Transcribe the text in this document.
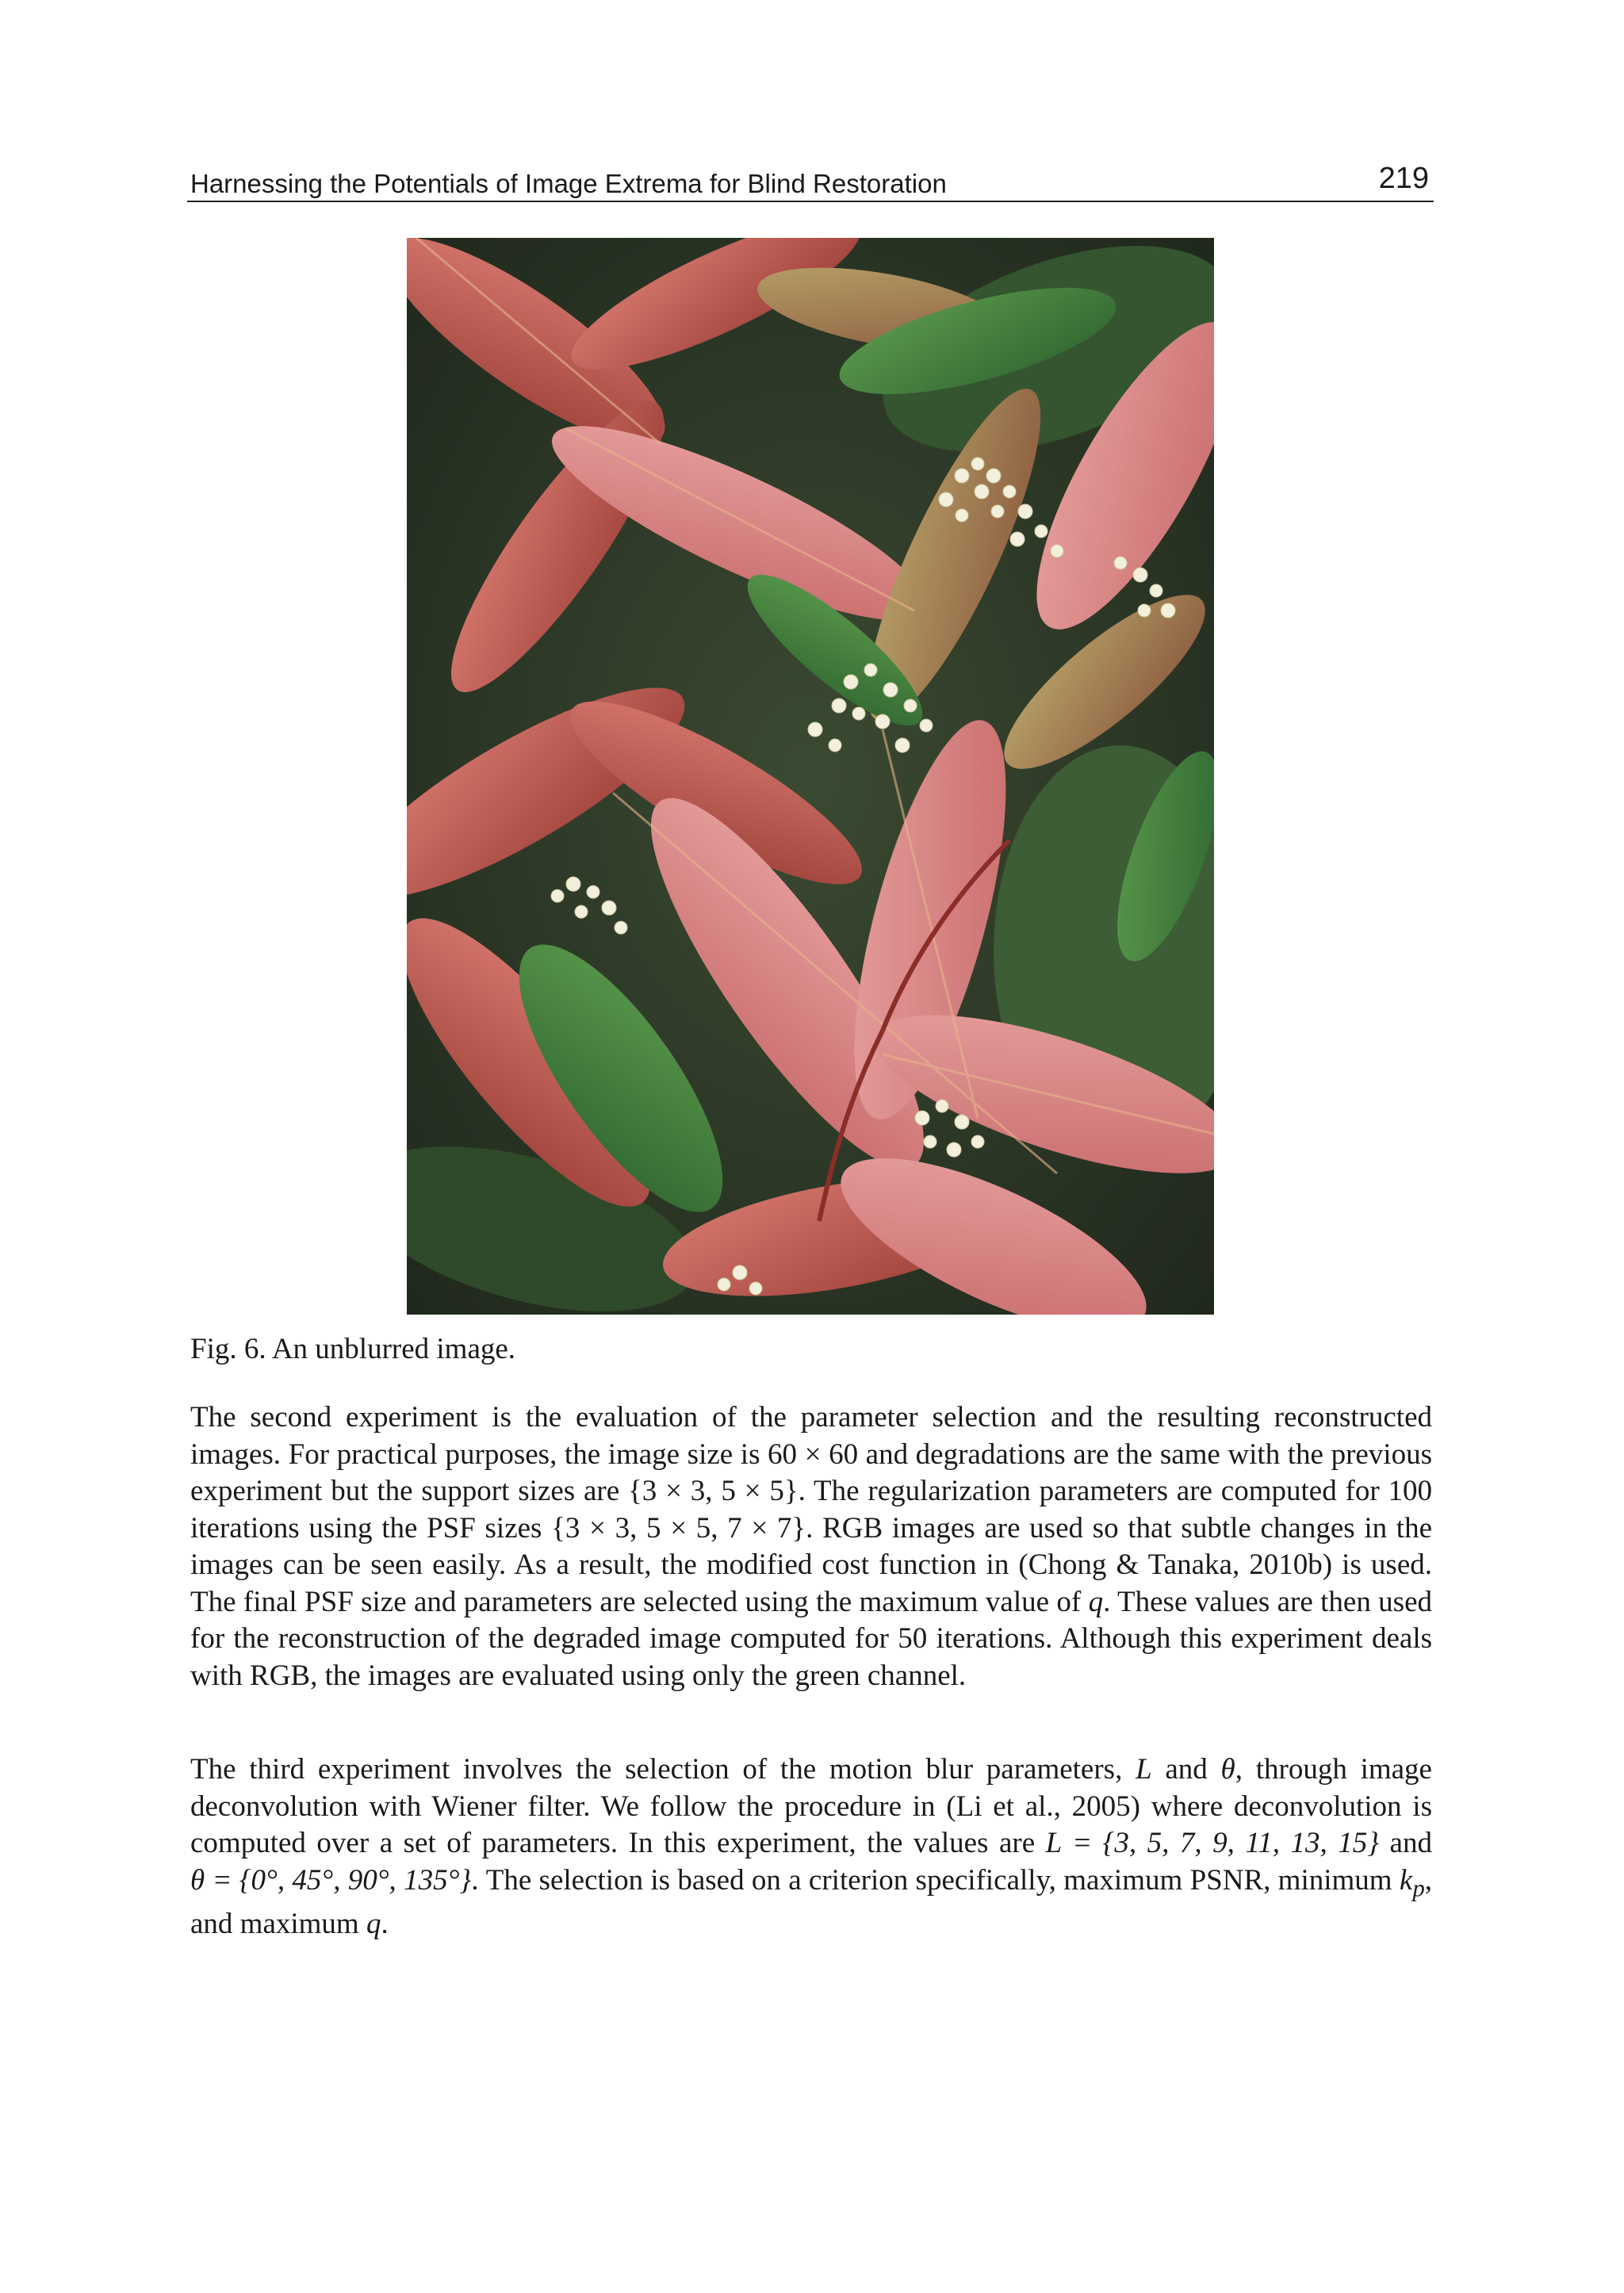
Harnessing the Potentials of Image Extrema for Blind Restoration	219
Fig. 6. An unblurred image.

The second experiment is the evaluation of the parameter selection and the resulting reconstructed images. For practical purposes, the image size is 60 × 60 and degradations are the same with the previous experiment but the support sizes are {3 × 3, 5 × 5}. The regularization parameters are computed for 100 iterations using the PSF sizes {3 × 3, 5 × 5, 7 × 7}. RGB images are used so that subtle changes in the images can be seen easily. As a result, the modified cost function in (Chong & Tanaka, 2010b) is used. The final PSF size and parameters are selected using the maximum value of q. These values are then used for the reconstruction of the degraded image computed for 50 iterations. Although this experiment deals with RGB, the images are evaluated using only the green channel.

The third experiment involves the selection of the motion blur parameters, L and θ, through image deconvolution with Wiener filter. We follow the procedure in (Li et al., 2005) where deconvolution is computed over a set of parameters. In this experiment, the values are L = {3, 5, 7, 9, 11, 13, 15} and θ = {0°, 45°, 90°, 135°}. The selection is based on a criterion specifically, maximum PSNR, minimum $k_p$, and maximum q.
